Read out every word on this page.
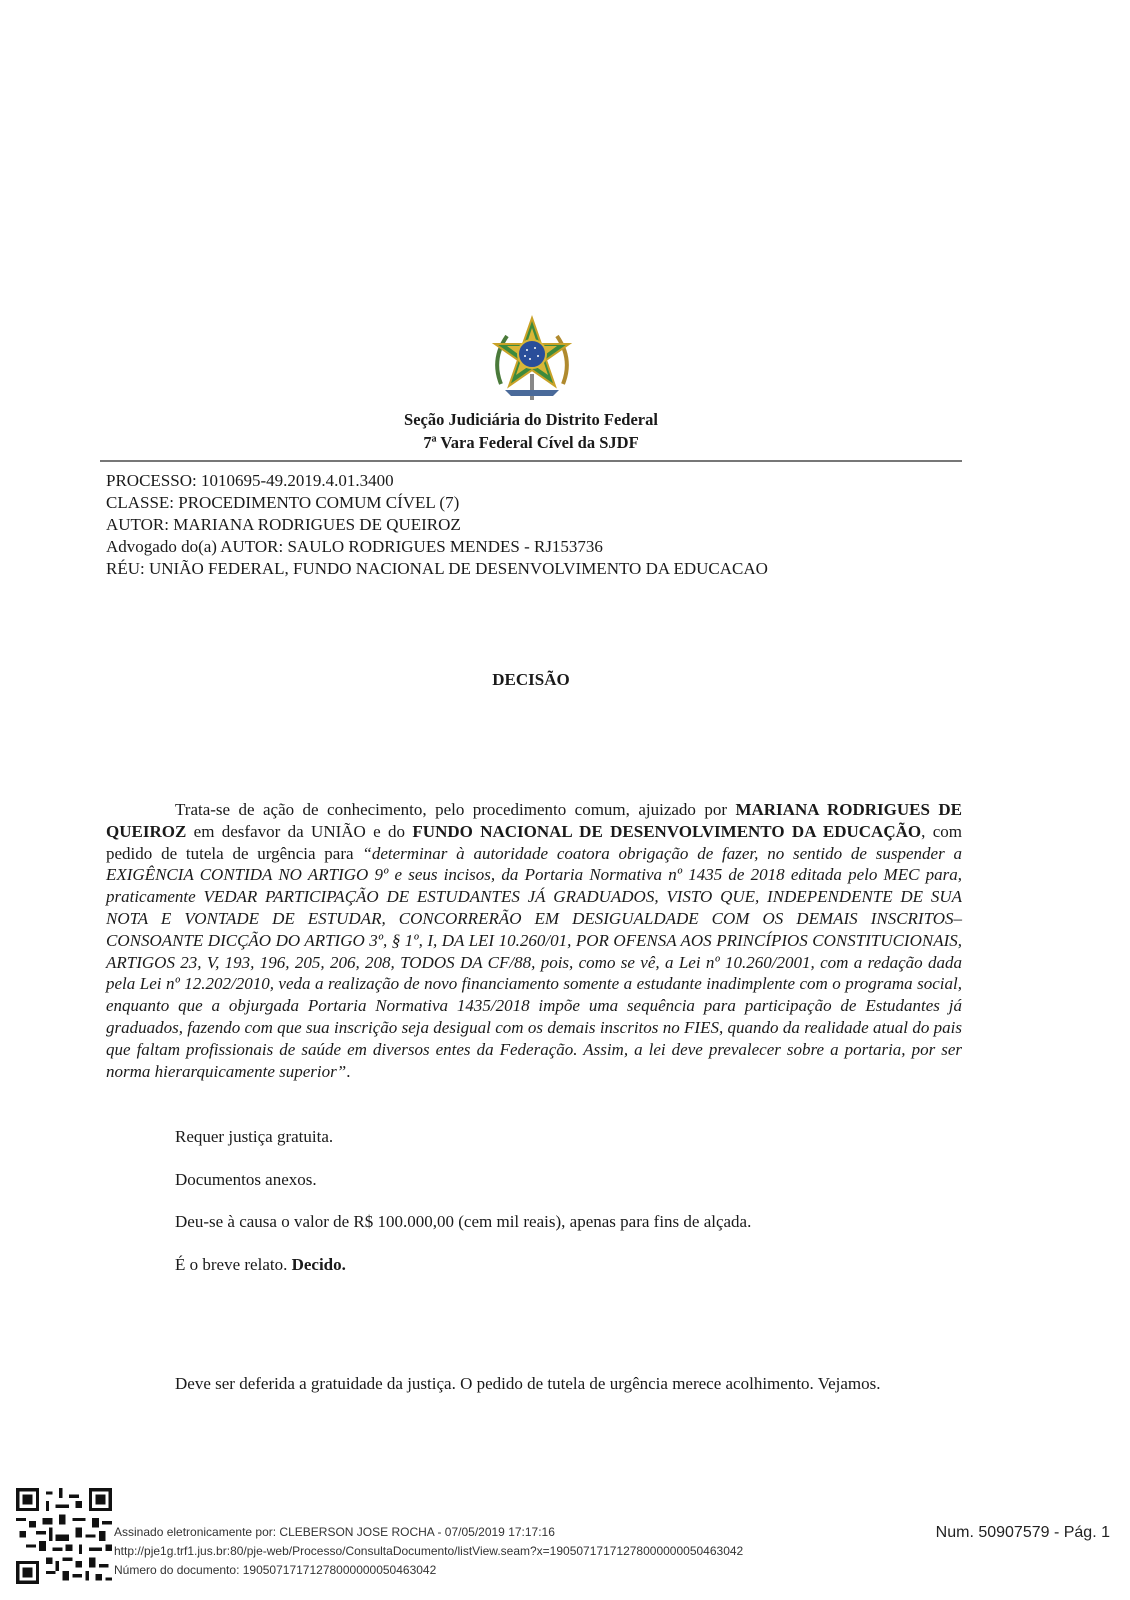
Seção Judiciária do Distrito Federal
7ª Vara Federal Cível da SJDF
PROCESSO: 1010695-49.2019.4.01.3400
CLASSE: PROCEDIMENTO COMUM CÍVEL (7)
AUTOR: MARIANA RODRIGUES DE QUEIROZ
Advogado do(a) AUTOR: SAULO RODRIGUES MENDES - RJ153736
RÉU: UNIÃO FEDERAL, FUNDO NACIONAL DE DESENVOLVIMENTO DA EDUCACAO
DECISÃO

Trata-se de ação de conhecimento, pelo procedimento comum, ajuizado por MARIANA RODRIGUES DE QUEIROZ em desfavor da UNIÃO e do FUNDO NACIONAL DE DESENVOLVIMENTO DA EDUCAÇÃO, com pedido de tutela de urgência para “determinar à autoridade coatora obrigação de fazer, no sentido de suspender a EXIGÊNCIA CONTIDA NO ARTIGO 9º e seus incisos, da Portaria Normativa nº 1435 de 2018 editada pelo MEC para, praticamente VEDAR PARTICIPAÇÃO DE ESTUDANTES JÁ GRADUADOS, VISTO QUE, INDEPENDENTE DE SUA NOTA E VONTADE DE ESTUDAR, CONCORRERÃO EM DESIGUALDADE COM OS DEMAIS INSCRITOS– CONSOANTE DICÇÃO DO ARTIGO 3º, § 1º, I, DA LEI 10.260/01, POR OFENSA AOS PRINCÍPIOS CONSTITUCIONAIS, ARTIGOS 23, V, 193, 196, 205, 206, 208, TODOS DA CF/88, pois, como se vê, a Lei nº 10.260/2001, com a redação dada pela Lei nº 12.202/2010, veda a realização de novo financiamento somente a estudante inadimplente com o programa social, enquanto que a objurgada Portaria Normativa 1435/2018 impõe uma sequência para participação de Estudantes já graduados, fazendo com que sua inscrição seja desigual com os demais inscritos no FIES, quando da realidade atual do pais que faltam profissionais de saúde em diversos entes da Federação. Assim, a lei deve prevalecer sobre a portaria, por ser norma hierarquicamente superior”.

Requer justiça gratuita.
Documentos anexos.
Deu-se à causa o valor de R$ 100.000,00 (cem mil reais), apenas para fins de alçada.
É o breve relato. Decido.

Deve ser deferida a gratuidade da justiça. O pedido de tutela de urgência merece acolhimento. Vejamos.

Assinado eletronicamente por: CLEBERSON JOSE ROCHA - 07/05/2019 17:17:16
http://pje1g.trf1.jus.br:80/pje-web/Processo/ConsultaDocumento/listView.seam?x=19050717171278000000050463042
Número do documento: 19050717171278000000050463042
Num. 50907579 - Pág. 1
